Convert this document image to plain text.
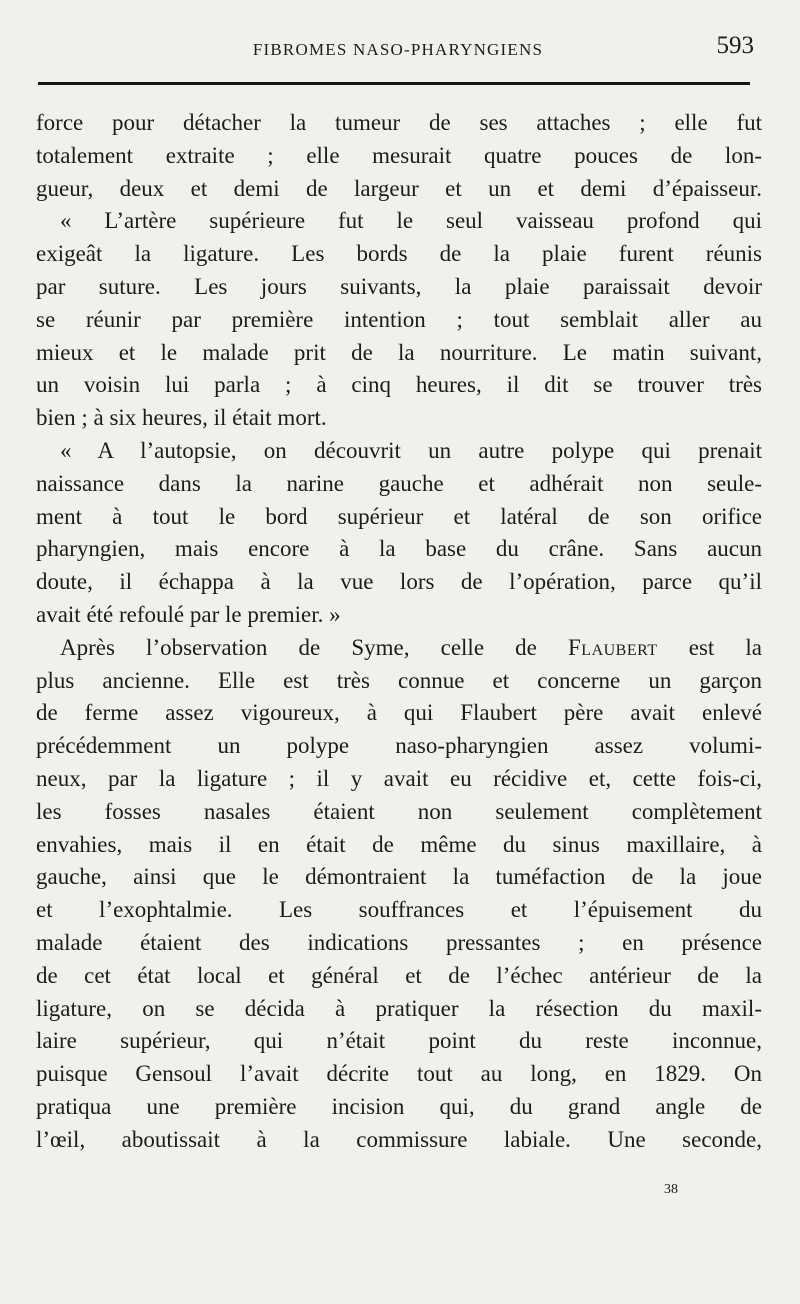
FIBROMES NASO-PHARYNGIENS	593
force pour détacher la tumeur de ses attaches ; elle fut
totalement extraite ; elle mesurait quatre pouces de lon-
gueur, deux et demi de largeur et un et demi d’épaisseur.
« L’artère supérieure fut le seul vaisseau profond qui
exigeât la ligature. Les bords de la plaie furent réunis
par suture. Les jours suivants, la plaie paraissait devoir
se réunir par première intention ; tout semblait aller au
mieux et le malade prit de la nourriture. Le matin suivant,
un voisin lui parla ; à cinq heures, il dit se trouver très
bien ; à six heures, il était mort.
« A l’autopsie, on découvrit un autre polype qui prenait
naissance dans la narine gauche et adhérait non seule-
ment à tout le bord supérieur et latéral de son orifice
pharyngien, mais encore à la base du crâne. Sans aucun
doute, il échappa à la vue lors de l’opération, parce qu’il
avait été refoulé par le premier. »
Après l’observation de Syme, celle de Flaubert est la
plus ancienne. Elle est très connue et concerne un garçon
de ferme assez vigoureux, à qui Flaubert père avait enlevé
précédemment un polype naso-pharyngien assez volumi-
neux, par la ligature ; il y avait eu récidive et, cette fois-ci,
les fosses nasales étaient non seulement complètement
envahies, mais il en était de même du sinus maxillaire, à
gauche, ainsi que le démontraient la tuméfaction de la joue
et l’exophtalmie. Les souffrances et l’épuisement du
malade étaient des indications pressantes ; en présence
de cet état local et général et de l’échec antérieur de la
ligature, on se décida à pratiquer la résection du maxil-
laire supérieur, qui n’était point du reste inconnue,
puisque Gensoul l’avait décrite tout au long, en 1829. On
pratiqua une première incision qui, du grand angle de
l’œil, aboutissait à la commissure labiale. Une seconde,
38
